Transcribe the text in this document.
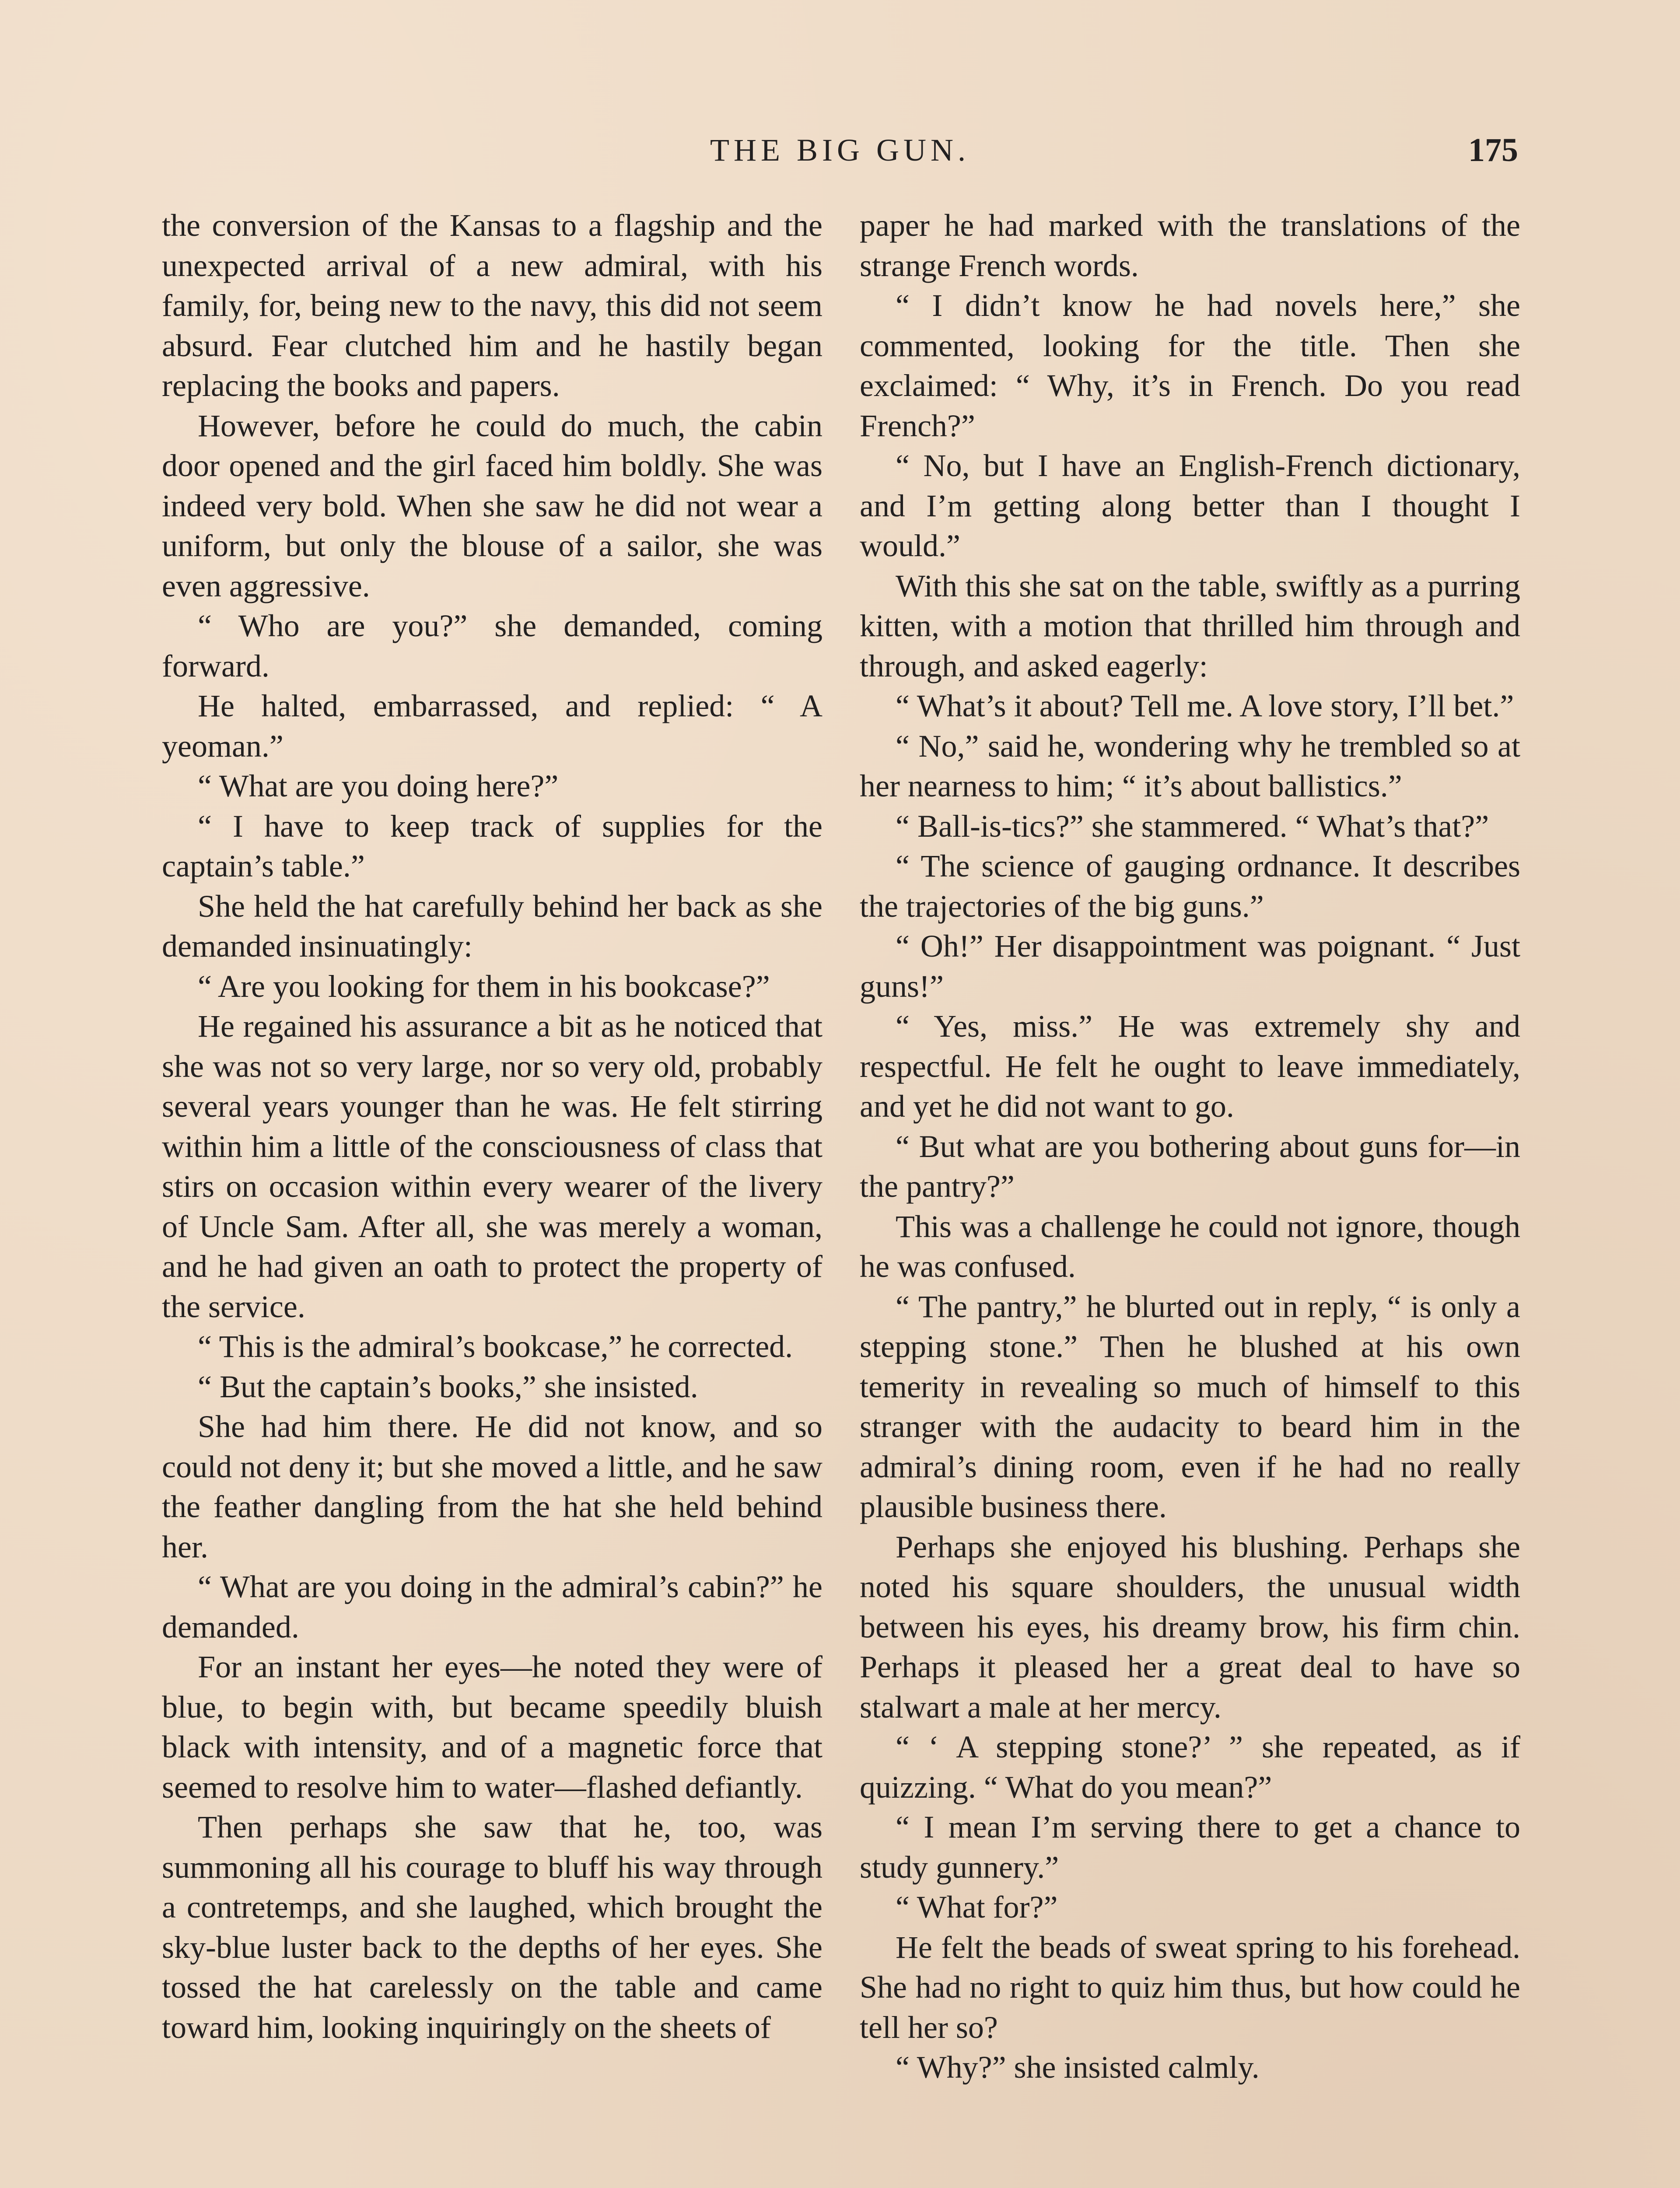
THE BIG GUN.	175

the conversion of the Kansas to a flagship and the unexpected arrival of a new admiral, with his family, for, being new to the navy, this did not seem absurd. Fear clutched him and he hastily began replacing the books and papers.

However, before he could do much, the cabin door opened and the girl faced him boldly. She was indeed very bold. When she saw he did not wear a uniform, but only the blouse of a sailor, she was even aggressive.

“ Who are you?” she demanded, coming forward.

He halted, embarrassed, and replied: “ A yeoman.”

“ What are you doing here?”

“ I have to keep track of supplies for the captain’s table.”

She held the hat carefully behind her back as she demanded insinuatingly:

“ Are you looking for them in his bookcase?”

He regained his assurance a bit as he noticed that she was not so very large, nor so very old, probably several years younger than he was. He felt stirring within him a little of the consciousness of class that stirs on occasion within every wearer of the livery of Uncle Sam. After all, she was merely a woman, and he had given an oath to protect the property of the service.

“ This is the admiral’s bookcase,” he corrected.

“ But the captain’s books,” she insisted.

She had him there. He did not know, and so could not deny it; but she moved a little, and he saw the feather dangling from the hat she held behind her.

“ What are you doing in the admiral’s cabin?” he demanded.

For an instant her eyes—he noted they were of blue, to begin with, but became speedily bluish black with intensity, and of a magnetic force that seemed to resolve him to water—flashed defiantly.

Then perhaps she saw that he, too, was summoning all his courage to bluff his way through a contretemps, and she laughed, which brought the sky-blue luster back to the depths of her eyes. She tossed the hat carelessly on the table and came toward him, looking inquiringly on the sheets of

paper he had marked with the translations of the strange French words.

“ I didn’t know he had novels here,” she commented, looking for the title. Then she exclaimed: “ Why, it’s in French. Do you read French?”

“ No, but I have an English-French dictionary, and I’m getting along better than I thought I would.”

With this she sat on the table, swiftly as a purring kitten, with a motion that thrilled him through and through, and asked eagerly:

“ What’s it about? Tell me. A love story, I’ll bet.”

“ No,” said he, wondering why he trembled so at her nearness to him; “ it’s about ballistics.”

“ Ball-is-tics?” she stammered. “ What’s that?”

“ The science of gauging ordnance. It describes the trajectories of the big guns.”

“ Oh!” Her disappointment was poignant. “ Just guns!”

“ Yes, miss.” He was extremely shy and respectful. He felt he ought to leave immediately, and yet he did not want to go.

“ But what are you bothering about guns for—in the pantry?”

This was a challenge he could not ignore, though he was confused.

“ The pantry,” he blurted out in reply, “ is only a stepping stone.” Then he blushed at his own temerity in revealing so much of himself to this stranger with the audacity to beard him in the admiral’s dining room, even if he had no really plausible business there.

Perhaps she enjoyed his blushing. Perhaps she noted his square shoulders, the unusual width between his eyes, his dreamy brow, his firm chin. Perhaps it pleased her a great deal to have so stalwart a male at her mercy.

“ ‘ A stepping stone?’ ” she repeated, as if quizzing. “ What do you mean?”

“ I mean I’m serving there to get a chance to study gunnery.”

“ What for?”

He felt the beads of sweat spring to his forehead. She had no right to quiz him thus, but how could he tell her so?

“ Why?” she insisted calmly.
